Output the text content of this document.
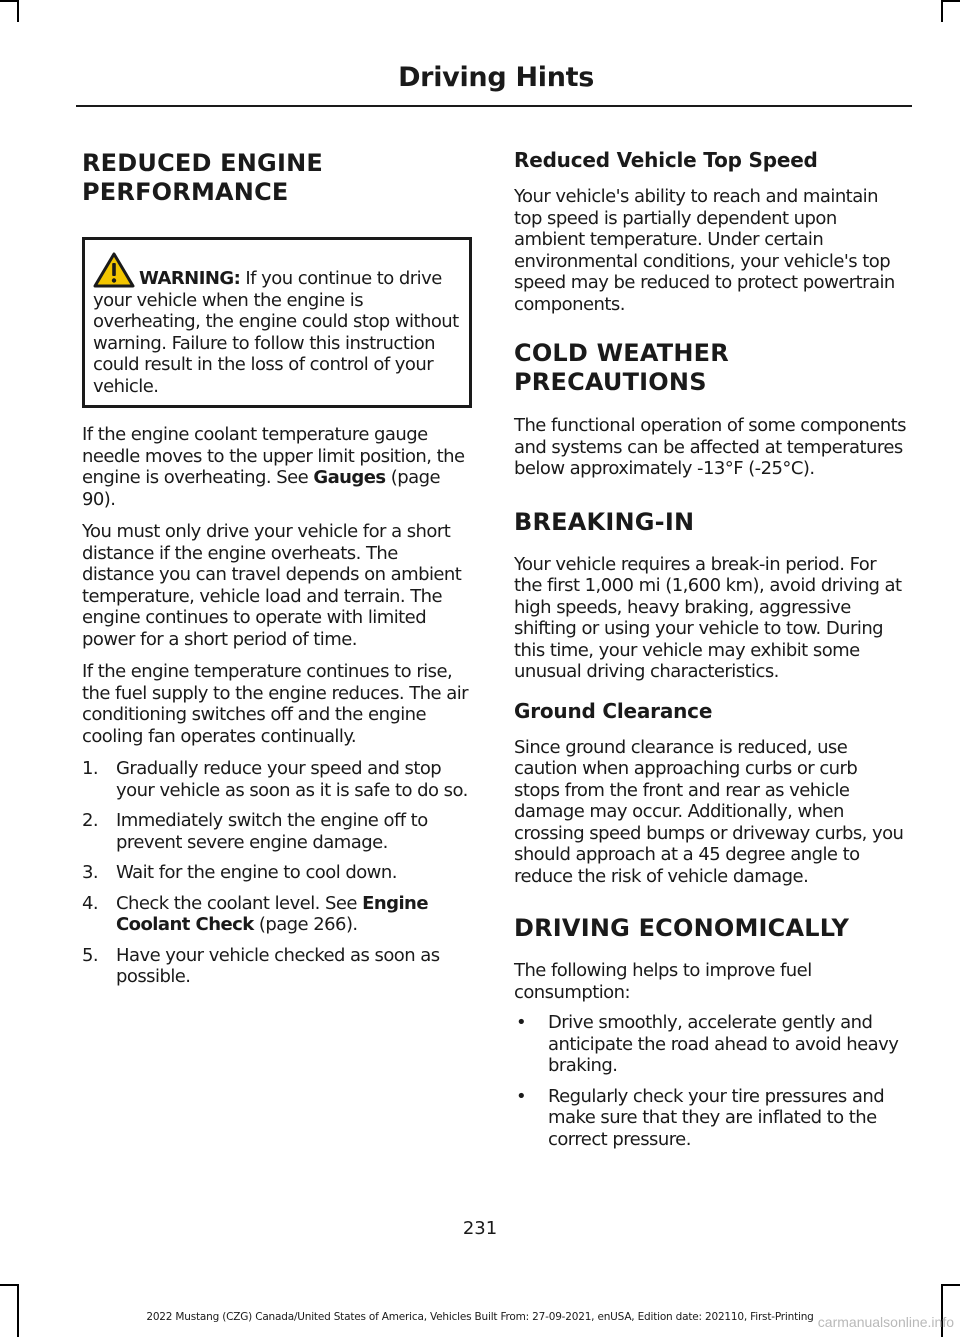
Driving Hints
REDUCED ENGINE
PERFORMANCE

WARNING: If you continue to drive your vehicle when the engine is overheating, the engine could stop without warning. Failure to follow this instruction could result in the loss of control of your vehicle.

If the engine coolant temperature gauge needle moves to the upper limit position, the engine is overheating. See Gauges (page 90).

You must only drive your vehicle for a short distance if the engine overheats. The distance you can travel depends on ambient temperature, vehicle load and terrain. The engine continues to operate with limited power for a short period of time.

If the engine temperature continues to rise, the fuel supply to the engine reduces. The air conditioning switches off and the engine cooling fan operates continually.

1. Gradually reduce your speed and stop your vehicle as soon as it is safe to do so.
2. Immediately switch the engine off to prevent severe engine damage.
3. Wait for the engine to cool down.
4. Check the coolant level. See Engine Coolant Check (page 266).
5. Have your vehicle checked as soon as possible.
Reduced Vehicle Top Speed

Your vehicle's ability to reach and maintain top speed is partially dependent upon ambient temperature. Under certain environmental conditions, your vehicle's top speed may be reduced to protect powertrain components.

COLD WEATHER
PRECAUTIONS

The functional operation of some components and systems can be affected at temperatures below approximately -13°F (-25°C).

BREAKING-IN

Your vehicle requires a break-in period. For the first 1,000 mi (1,600 km), avoid driving at high speeds, heavy braking, aggressive shifting or using your vehicle to tow. During this time, your vehicle may exhibit some unusual driving characteristics.

Ground Clearance

Since ground clearance is reduced, use caution when approaching curbs or curb stops from the front and rear as vehicle damage may occur. Additionally, when crossing speed bumps or driveway curbs, you should approach at a 45 degree angle to reduce the risk of vehicle damage.

DRIVING ECONOMICALLY

The following helps to improve fuel consumption:

• Drive smoothly, accelerate gently and anticipate the road ahead to avoid heavy braking.
• Regularly check your tire pressures and make sure that they are inflated to the correct pressure.
231
2022 Mustang (CZG) Canada/United States of America, Vehicles Built From: 27-09-2021, enUSA, Edition date: 202110, First-Printing carmanualsonline.info
